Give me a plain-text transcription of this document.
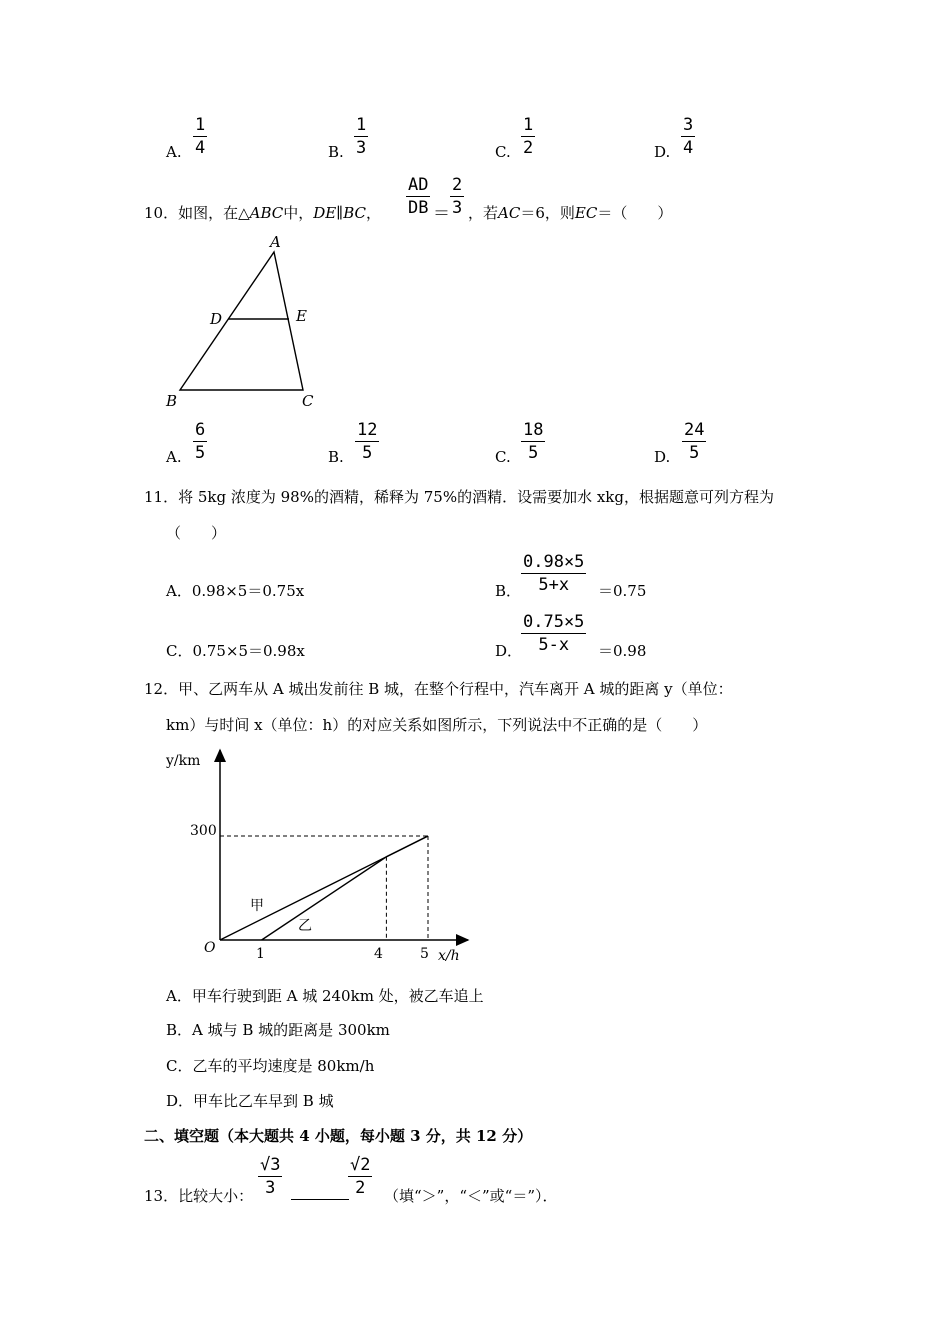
A.
1
4	B.
1
3	C.
1
2	D.
3
4
10．如图，在△ABC中，DE∥BC，
AD
DB ＝
2
3 ，若AC＝6，则EC＝（　　）
A
D	E
B	C
A.
6
5	B.
12
5	C.
18
5	D.
24
5
11．将 5kg 浓度为 98%的酒精，稀释为 75%的酒精．设需要加水 xkg，根据题意可列方程为
（　　）
A．0.98×5＝0.75x	B．
0.98×5
5+x ＝0.75
C．0.75×5＝0.98x	D．
0.75×5
5-x ＝0.98
12．甲、乙两车从 A 城出发前往 B 城，在整个行程中，汽车离开 A 城的距离 y（单位：
km）与时间 x（单位：h）的对应关系如图所示，下列说法中不正确的是（　　）
y/km
x/h
O
300
1	4	5
甲
乙
A．甲车行驶到距 A 城 240km 处，被乙车追上
B．A 城与 B 城的距离是 300km
C．乙车的平均速度是 80km/h
D．甲车比乙车早到 B 城
二、填空题（本大题共 4 小题，每小题 3 分，共 12 分）
13．比较大小：
√3
3
√2
2 （填“＞”，“＜”或“＝”）．
